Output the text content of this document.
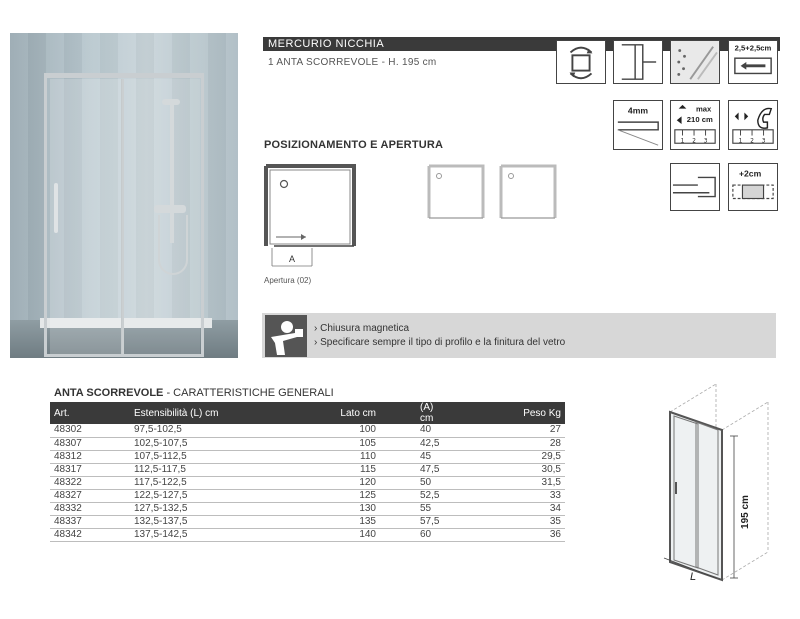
MERCURIO NICCHIA
1 ANTA SCORREVOLE - H. 195 cm
2,5+2,5cm
4mm	max
210 cm
1 2 3	1 2 3
+2cm
POSIZIONAMENTO E APERTURA
A
Apertura (02)
› Chiusura magnetica
› Specificare sempre il tipo di profilo e la finitura del vetro
ANTA SCORREVOLE - CARATTERISTICHE GENERALI
Art.	Estensibilità (L) cm	Lato cm	(A) cm	Peso Kg
48302	97,5-102,5	100	40	27
48307	102,5-107,5	105	42,5	28
48312	107,5-112,5	110	45	29,5
48317	112,5-117,5	115	47,5	30,5
48322	117,5-122,5	120	50	31,5
48327	122,5-127,5	125	52,5	33
48332	127,5-132,5	130	55	34
48337	132,5-137,5	135	57,5	35
48342	137,5-142,5	140	60	36
195 cm
L
